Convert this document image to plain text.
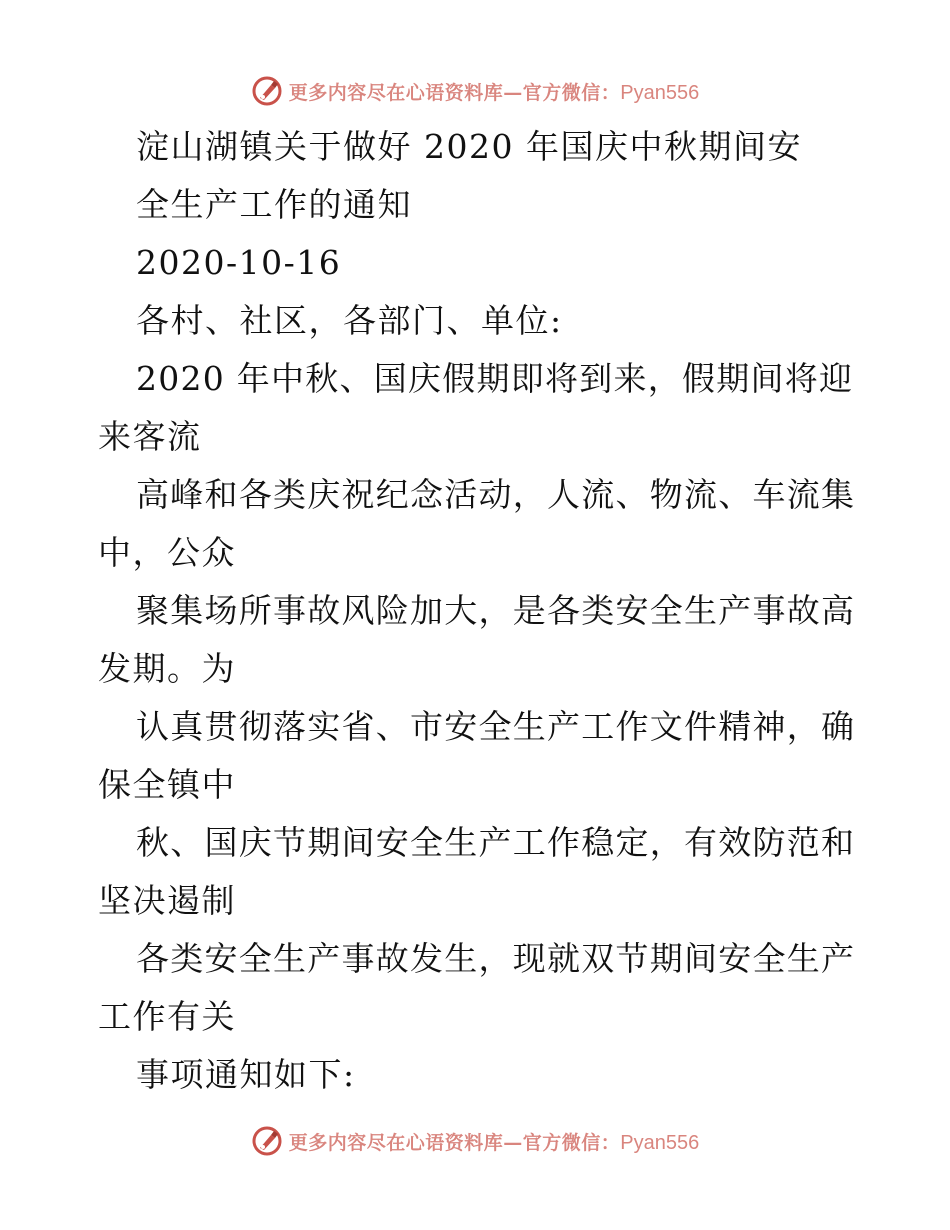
更多内容尽在心语资料库—官方微信：Pyan556
淀山湖镇关于做好 2020 年国庆中秋期间安
全生产工作的通知
2020-10-16
各村、社区，各部门、单位:
2020 年中秋、国庆假期即将到来，假期间将迎
来客流
高峰和各类庆祝纪念活动，人流、物流、车流集
中，公众
聚集场所事故风险加大，是各类安全生产事故高
发期。为
认真贯彻落实省、市安全生产工作文件精神，确
保全镇中
秋、国庆节期间安全生产工作稳定，有效防范和
坚决遏制
各类安全生产事故发生，现就双节期间安全生产
工作有关
事项通知如下:
更多内容尽在心语资料库—官方微信：Pyan556
